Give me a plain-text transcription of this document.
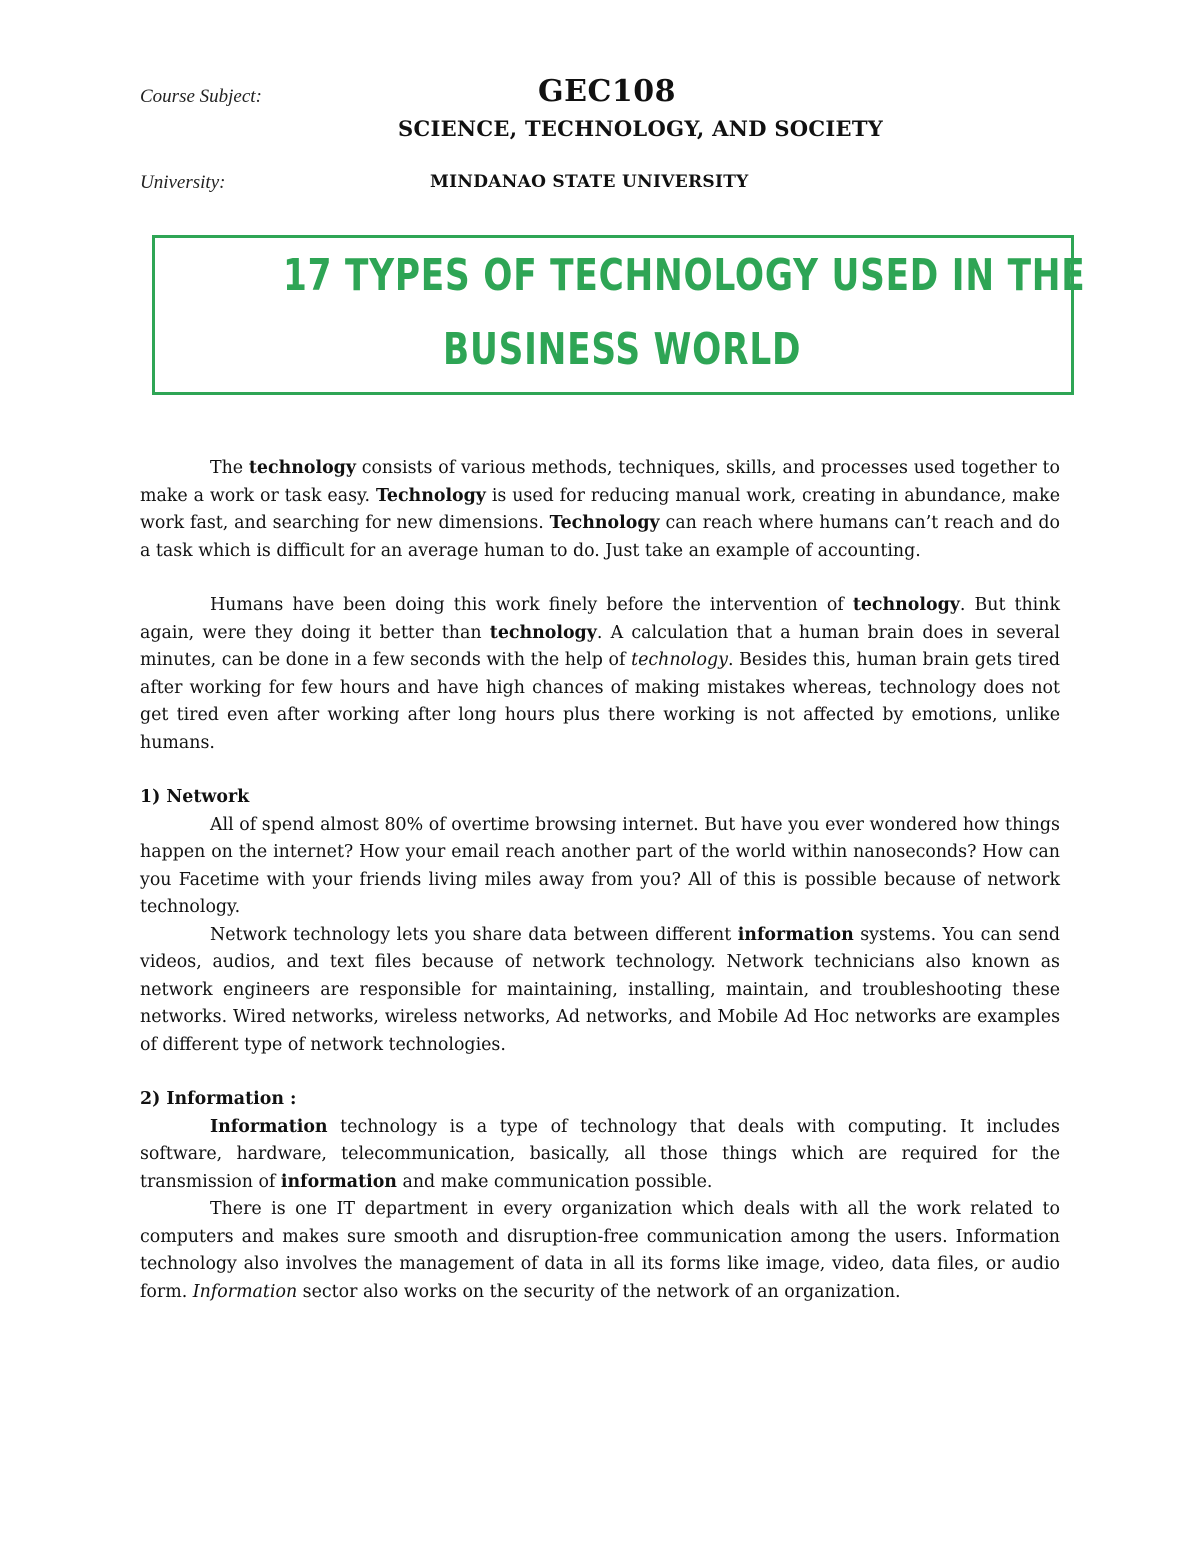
Course Subject:	GEC108
SCIENCE, TECHNOLOGY, AND SOCIETY
University:	MINDANAO STATE UNIVERSITY
17 TYPES OF TECHNOLOGY USED IN THE
BUSINESS WORLD

The technology consists of various methods, techniques, skills, and processes used together to make a work or task easy. Technology is used for reducing manual work, creating in abundance, make work fast, and searching for new dimensions. Technology can reach where humans can’t reach and do a task which is difficult for an average human to do. Just take an example of accounting.

Humans have been doing this work finely before the intervention of technology. But think again, were they doing it better than technology. A calculation that a human brain does in several minutes, can be done in a few seconds with the help of technology. Besides this, human brain gets tired after working for few hours and have high chances of making mistakes whereas, technology does not get tired even after working after long hours plus there working is not affected by emotions, unlike humans.

1) Network

All of spend almost 80% of overtime browsing internet. But have you ever wondered how things happen on the internet? How your email reach another part of the world within nanoseconds? How can you Facetime with your friends living miles away from you? All of this is possible because of network technology.

Network technology lets you share data between different information systems. You can send videos, audios, and text files because of network technology. Network technicians also known as network engineers are responsible for maintaining, installing, maintain, and troubleshooting these networks. Wired networks, wireless networks, Ad networks, and Mobile Ad Hoc networks are examples of different type of network technologies.

2) Information :

Information technology is a type of technology that deals with computing. It includes software, hardware, telecommunication, basically, all those things which are required for the transmission of information and make communication possible.

There is one IT department in every organization which deals with all the work related to computers and makes sure smooth and disruption-free communication among the users. Information technology also involves the management of data in all its forms like image, video, data files, or audio form. Information sector also works on the security of the network of an organization.
